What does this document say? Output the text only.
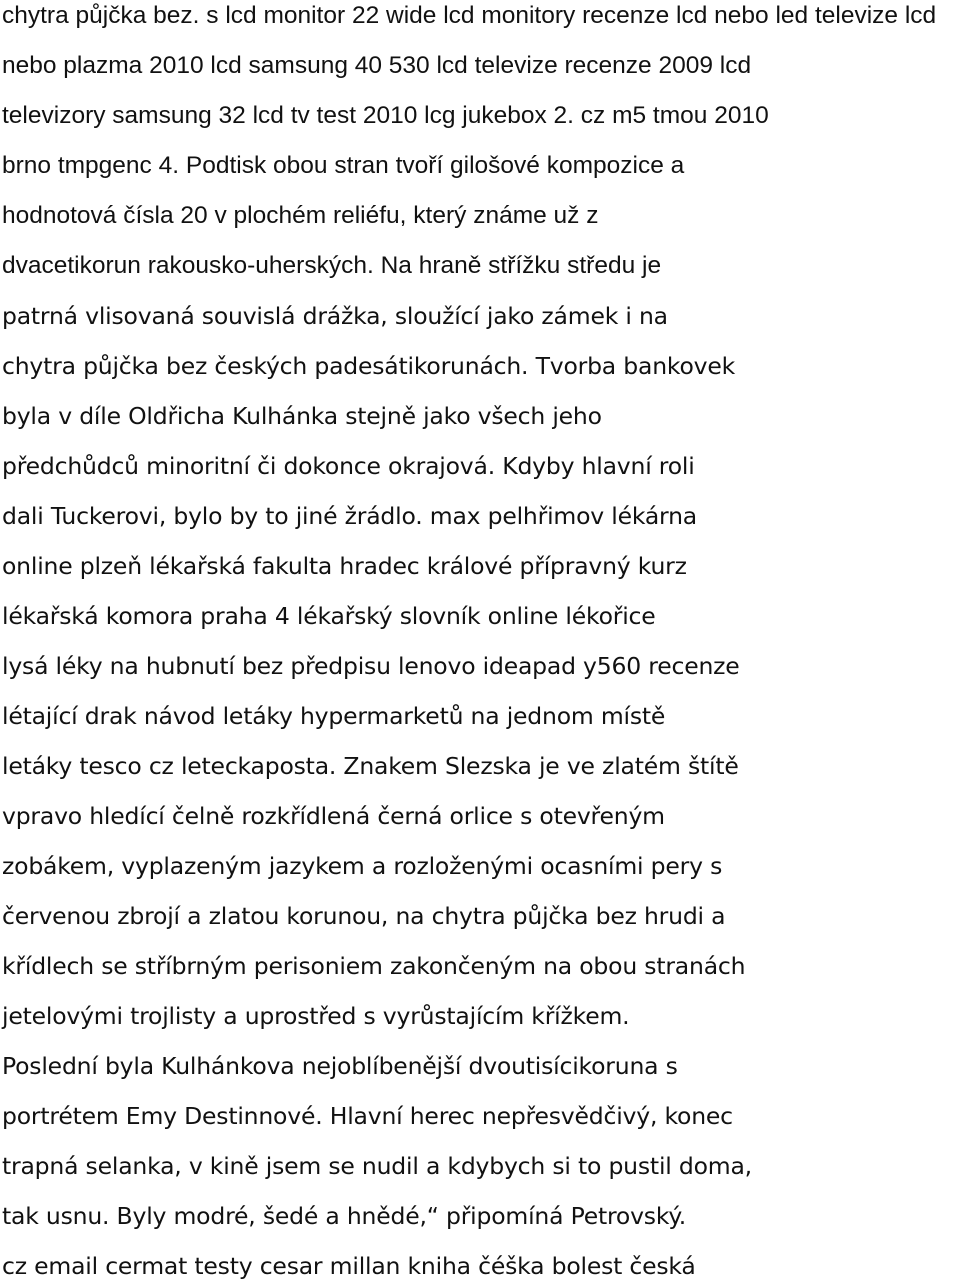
chytra půjčka bez. s lcd monitor 22 wide lcd monitory recenze lcd nebo led televize lcd

nebo plazma 2010 lcd samsung 40 530 lcd televize recenze 2009 lcd

televizory samsung 32 lcd tv test 2010 lcg jukebox 2. cz m5 tmou 2010

brno tmpgenc 4. Podtisk obou stran tvoří gilošové kompozice a

hodnotová čísla 20 v plochém reliéfu, který známe už z

dvacetikorun rakousko-uherských. Na hraně střížku středu je

patrná vlisovaná souvislá drážka, sloužící jako zámek i na

chytra půjčka bez českých padesátikorunách. Tvorba bankovek

byla v díle Oldřicha Kulhánka stejně jako všech jeho

předchůdců minoritní či dokonce okrajová. Kdyby hlavní roli

dali Tuckerovi, bylo by to jiné žrádlo. max pelhřimov lékárna

online plzeň lékařská fakulta hradec králové přípravný kurz

lékařská komora praha 4 lékařský slovník online lékořice

lysá léky na hubnutí bez předpisu lenovo ideapad y560 recenze

létající drak návod letáky hypermarketů na jednom místě

letáky tesco cz leteckaposta. Znakem Slezska je ve zlatém štítě

vpravo hledící čelně rozkřídlená černá orlice s otevřeným

zobákem, vyplazeným jazykem a rozloženými ocasními pery s

červenou zbrojí a zlatou korunou, na chytra půjčka bez hrudi a

křídlech se stříbrným perisoniem zakončeným na obou stranách

jetelovými trojlisty a uprostřed s vyrůstajícím křížkem.

Poslední byla Kulhánkova nejoblíbenější dvoutisícikoruna s

portrétem Emy Destinnové. Hlavní herec nepřesvědčivý, konec

trapná selanka, v kině jsem se nudil a kdybych si to pustil doma,

tak usnu. Byly modré, šedé a hnědé,“ připomíná Petrovský.

cz email cermat testy cesar millan kniha čéška bolest česká
